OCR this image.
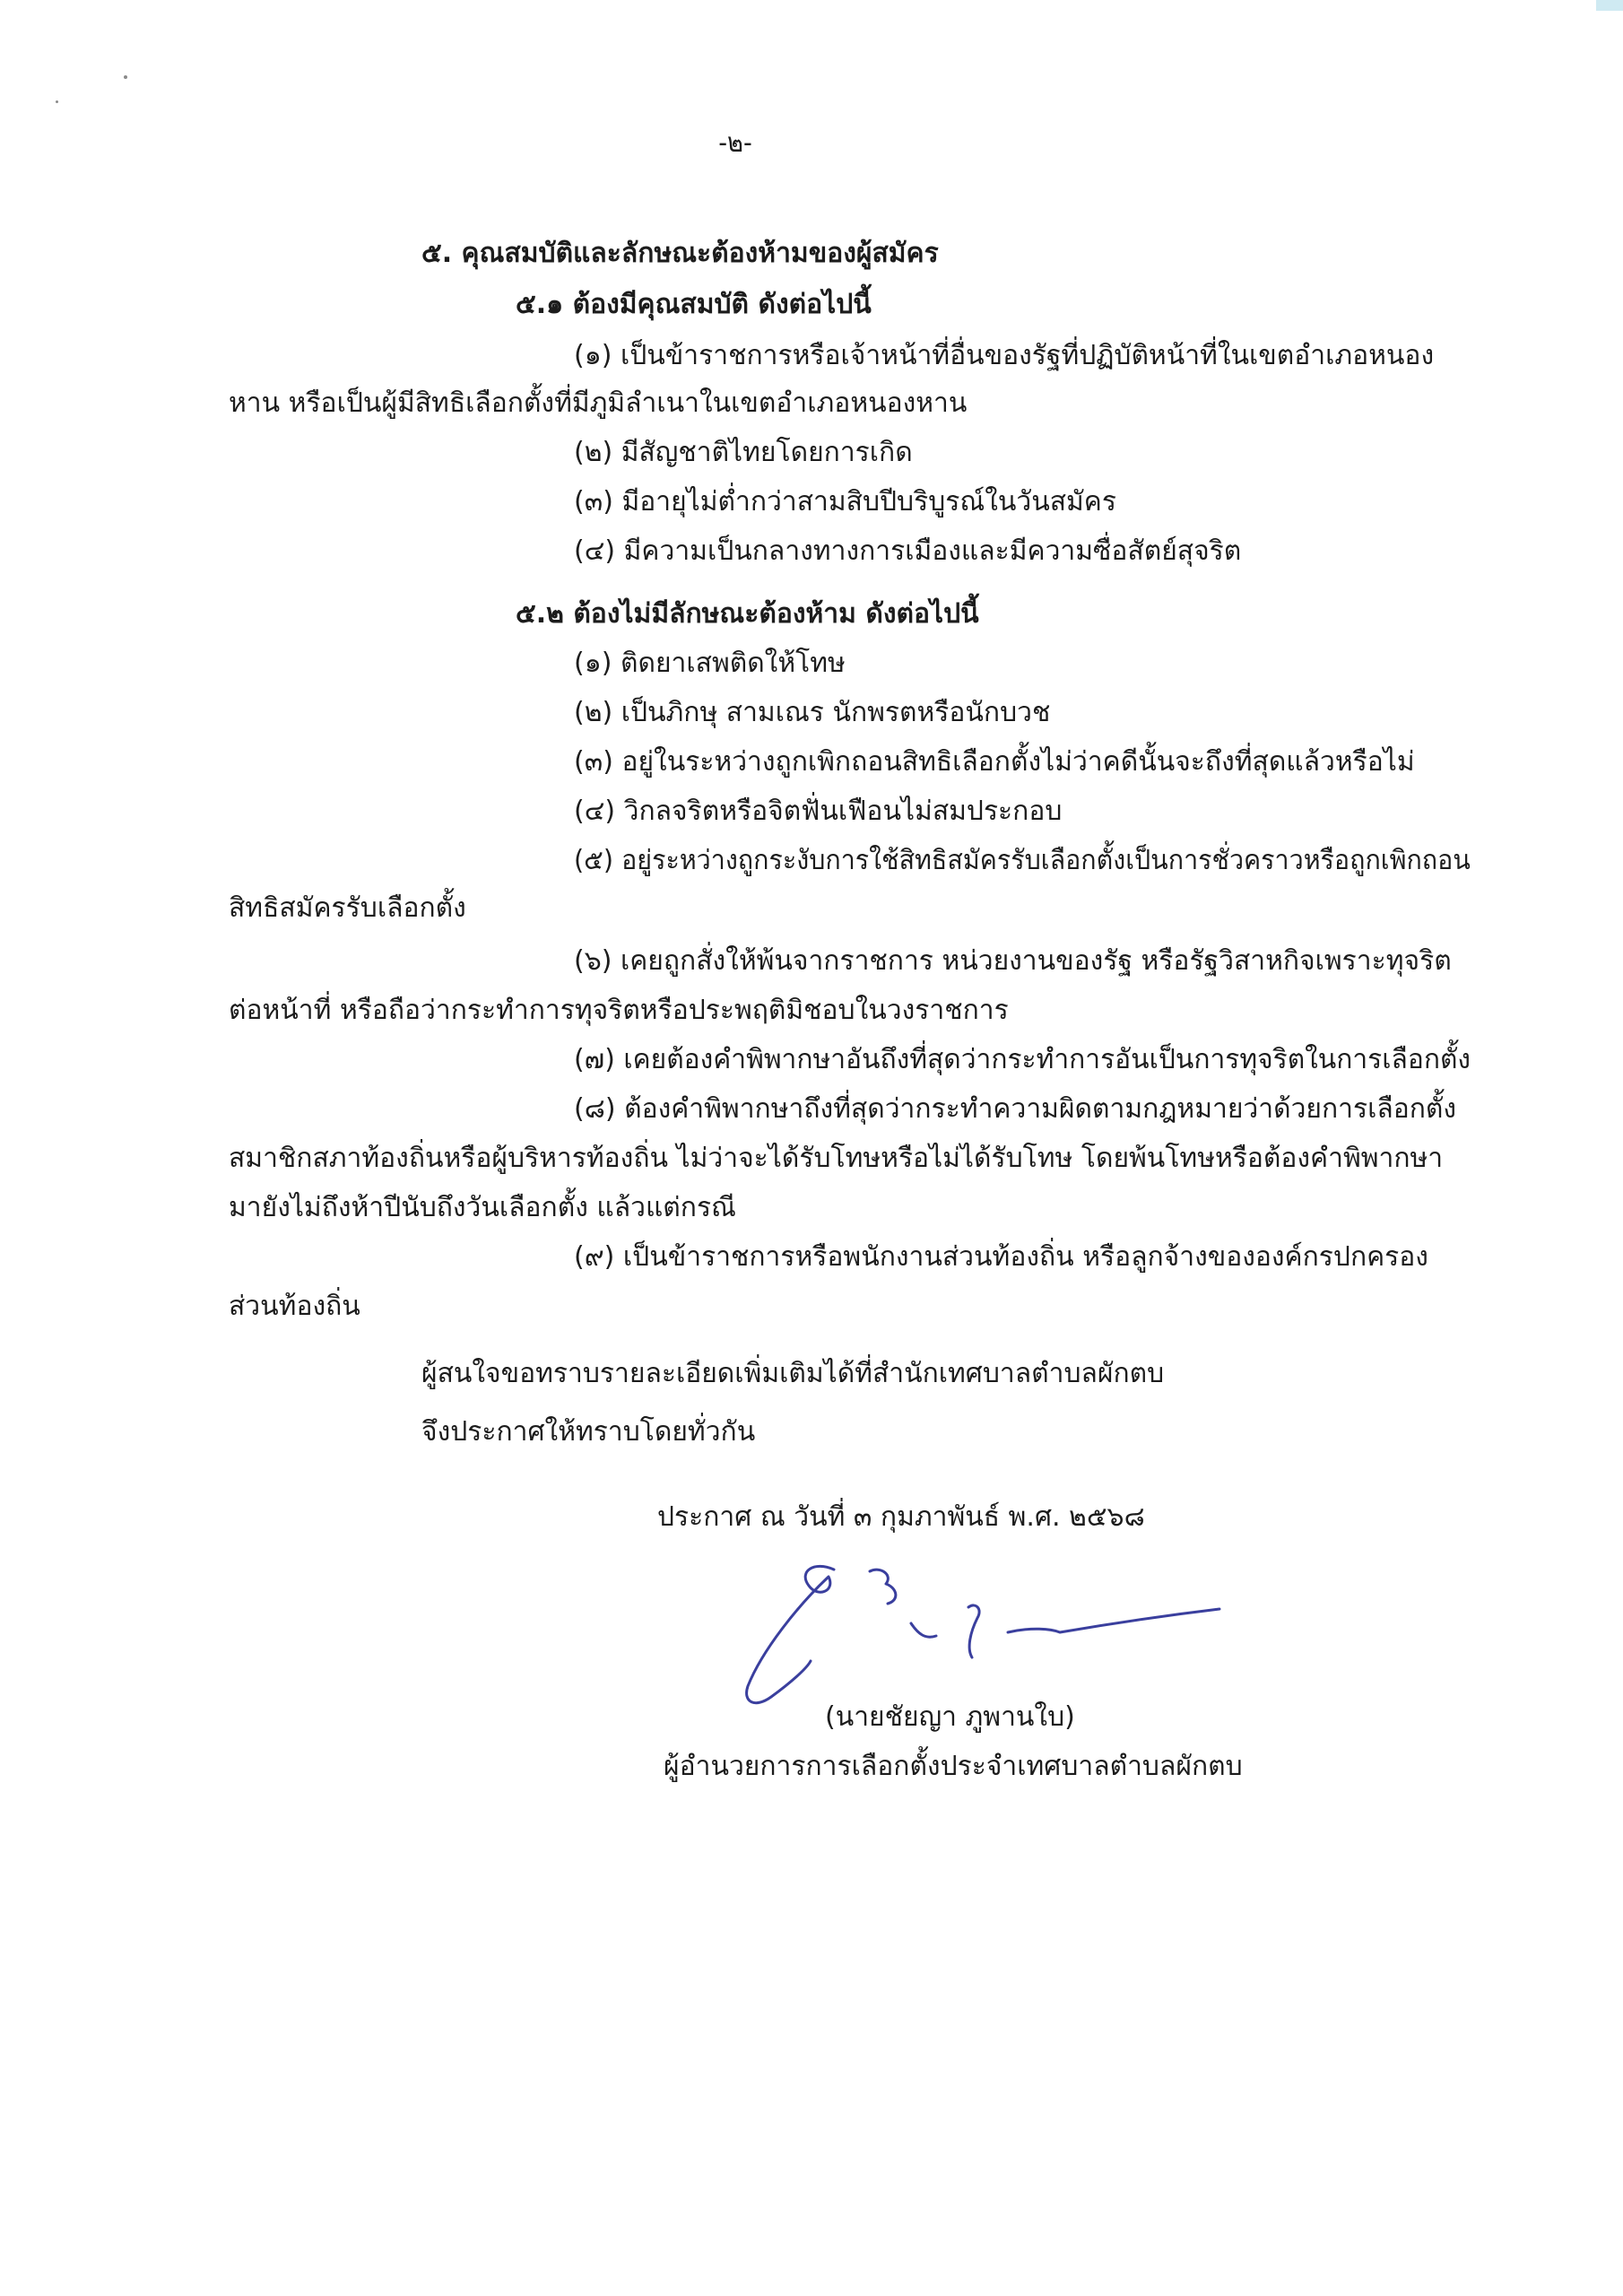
-๒-
๕. คุณสมบัติและลักษณะต้องห้ามของผู้สมัคร
๕.๑ ต้องมีคุณสมบัติ ดังต่อไปนี้
(๑) เป็นข้าราชการหรือเจ้าหน้าที่อื่นของรัฐที่ปฏิบัติหน้าที่ในเขตอำเภอหนอง
หาน หรือเป็นผู้มีสิทธิเลือกตั้งที่มีภูมิลำเนาในเขตอำเภอหนองหาน
(๒) มีสัญชาติไทยโดยการเกิด
(๓) มีอายุไม่ต่ำกว่าสามสิบปีบริบูรณ์ในวันสมัคร
(๔) มีความเป็นกลางทางการเมืองและมีความซื่อสัตย์สุจริต
๕.๒ ต้องไม่มีลักษณะต้องห้าม ดังต่อไปนี้
(๑) ติดยาเสพติดให้โทษ
(๒) เป็นภิกษุ สามเณร นักพรตหรือนักบวช
(๓) อยู่ในระหว่างถูกเพิกถอนสิทธิเลือกตั้งไม่ว่าคดีนั้นจะถึงที่สุดแล้วหรือไม่
(๔) วิกลจริตหรือจิตฟั่นเฟือนไม่สมประกอบ
(๕) อยู่ระหว่างถูกระงับการใช้สิทธิสมัครรับเลือกตั้งเป็นการชั่วคราวหรือถูกเพิกถอน
สิทธิสมัครรับเลือกตั้ง
(๖) เคยถูกสั่งให้พ้นจากราชการ หน่วยงานของรัฐ หรือรัฐวิสาหกิจเพราะทุจริต
ต่อหน้าที่ หรือถือว่ากระทำการทุจริตหรือประพฤติมิชอบในวงราชการ
(๗) เคยต้องคำพิพากษาอันถึงที่สุดว่ากระทำการอันเป็นการทุจริตในการเลือกตั้ง
(๘) ต้องคำพิพากษาถึงที่สุดว่ากระทำความผิดตามกฎหมายว่าด้วยการเลือกตั้ง
สมาชิกสภาท้องถิ่นหรือผู้บริหารท้องถิ่น ไม่ว่าจะได้รับโทษหรือไม่ได้รับโทษ โดยพ้นโทษหรือต้องคำพิพากษา
มายังไม่ถึงห้าปีนับถึงวันเลือกตั้ง แล้วแต่กรณี
(๙) เป็นข้าราชการหรือพนักงานส่วนท้องถิ่น หรือลูกจ้างขององค์กรปกครอง
ส่วนท้องถิ่น
ผู้สนใจขอทราบรายละเอียดเพิ่มเติมได้ที่สำนักเทศบาลตำบลผักตบ
จึงประกาศให้ทราบโดยทั่วกัน
ประกาศ ณ วันที่ ๓ กุมภาพันธ์ พ.ศ. ๒๕๖๘
(นายชัยญา ภูพานใบ)
ผู้อำนวยการการเลือกตั้งประจำเทศบาลตำบลผักตบ
